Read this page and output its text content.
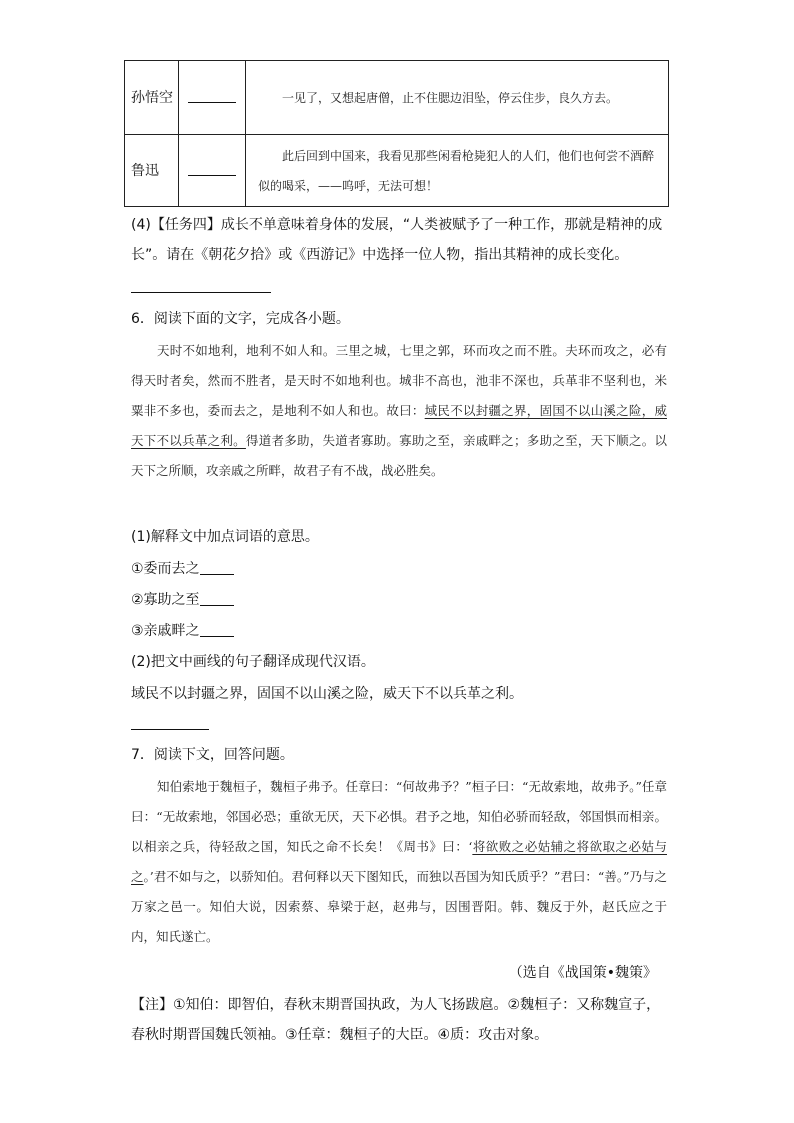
孙悟空		一见了，又想起唐僧，止不住腮边泪坠，停云住步，良久方去。
鲁迅		此后回到中国来，我看见那些闲看枪毙犯人的人们，他们也何尝不酒醉似的喝采，——呜呼，无法可想！

(4)【任务四】成长不单意味着身体的发展，“人类被赋予了一种工作，那就是精神的成

长”。请在《朝花夕拾》或《西游记》中选择一位人物，指出其精神的成长变化。

6．阅读下面的文字，完成各小题。

天时不如地利，地利不如人和。三里之城，七里之郭，环而攻之而不胜。夫环而攻之，必有得天时者矣，然而不胜者，是天时不如地利也。城非不高也，池非不深也，兵革非不坚利也，米粟非不多也，委而去之，是地利不如人和也。故曰：域民不以封疆之界，固国不以山溪之险，威天下不以兵革之利。得道者多助，失道者寡助。寡助之至，亲戚畔之；多助之至，天下顺之。以天下之所顺，攻亲戚之所畔，故君子有不战，战必胜矣。

(1)解释文中加点词语的意思。

①委而去之

②寡助之至

③亲戚畔之

(2)把文中画线的句子翻译成现代汉语。

域民不以封疆之界，固国不以山溪之险，威天下不以兵革之利。

7．阅读下文，回答问题。

知伯索地于魏桓子，魏桓子弗予。任章曰：“何故弗予？”桓子曰：“无故索地，故弗予。”任章曰：“无故索地，邻国必恐；重欲无厌，天下必惧。君予之地，知伯必骄而轻敌，邻国惧而相亲。以相亲之兵，待轻敌之国，知氏之命不长矣！《周书》曰：‘将欲败之必姑辅之将欲取之必姑与之。’君不如与之，以骄知伯。君何释以天下图知氏，而独以吾国为知氏质乎？”君曰：“善。”乃与之万家之邑一。知伯大说，因索蔡、皋梁于赵，赵弗与，因围晋阳。韩、魏反于外，赵氏应之于内，知氏遂亡。

（选自《战国策•魏策》

【注】①知伯：即智伯，春秋末期晋国执政，为人飞扬跋扈。②魏桓子：又称魏宣子，

春秋时期晋国魏氏领袖。③任章：魏桓子的大臣。④质：攻击对象。
